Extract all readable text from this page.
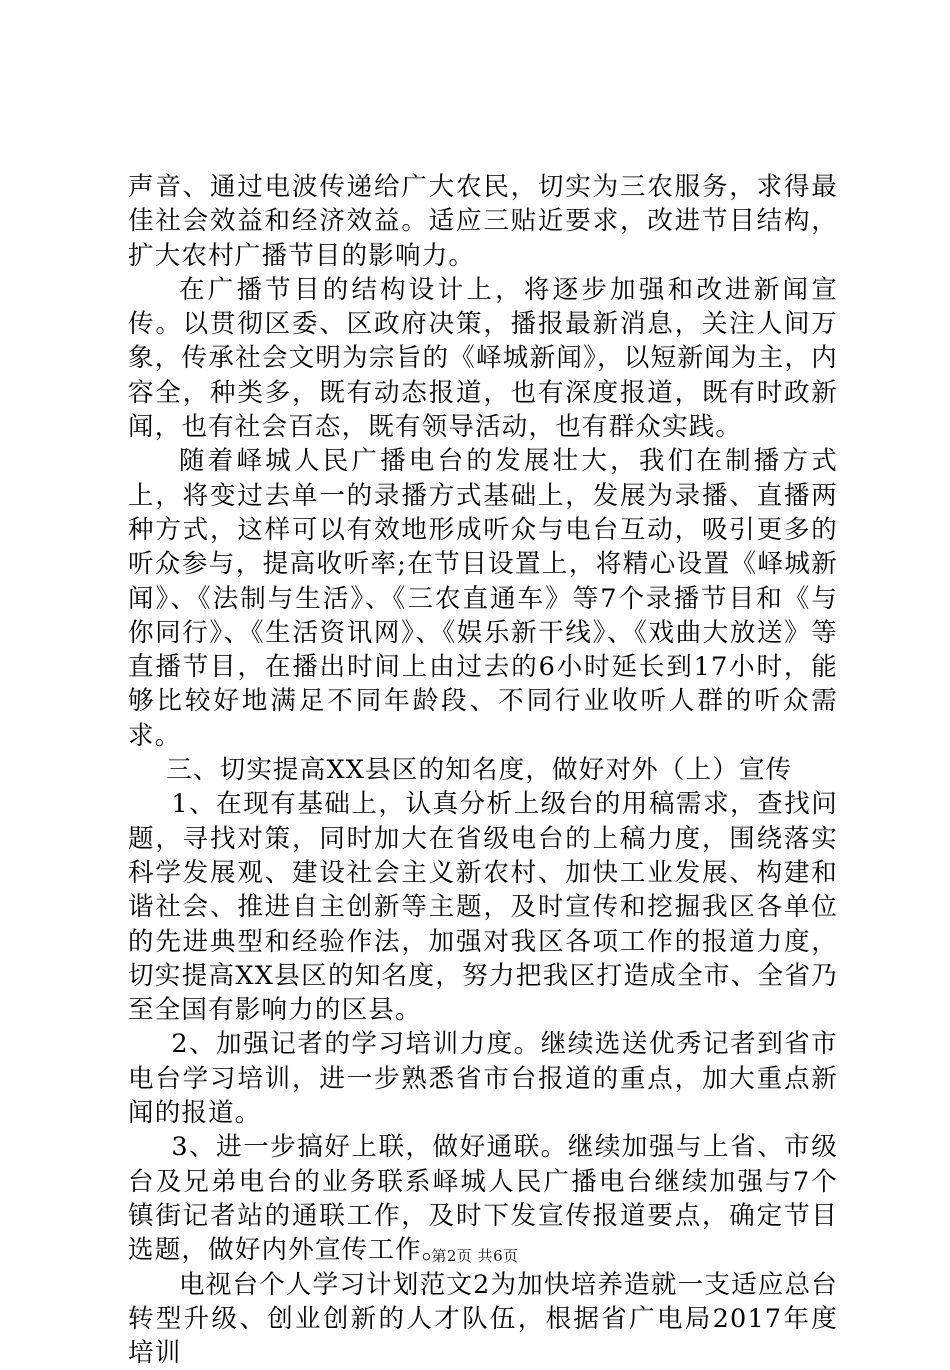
声音、通过电波传递给广大农民，切实为三农服务，求得最佳社会效益和经济效益。适应三贴近要求，改进节目结构，扩大农村广播节目的影响力。

在广播节目的结构设计上，将逐步加强和改进新闻宣传。以贯彻区委、区政府决策，播报最新消息，关注人间万象，传承社会文明为宗旨的《峄城新闻》，以短新闻为主，内容全，种类多，既有动态报道，也有深度报道，既有时政新闻，也有社会百态，既有领导活动，也有群众实践。

随着峄城人民广播电台的发展壮大，我们在制播方式上，将变过去单一的录播方式基础上，发展为录播、直播两种方式，这样可以有效地形成听众与电台互动，吸引更多的听众参与，提高收听率;在节目设置上，将精心设置《峄城新闻》、《法制与生活》、《三农直通车》等7个录播节目和《与你同行》、《生活资讯网》、《娱乐新干线》、《戏曲大放送》等直播节目，在播出时间上由过去的6小时延长到17小时，能够比较好地满足不同年龄段、不同行业收听人群的听众需求。

三、切实提高XX县区的知名度，做好对外（上）宣传

1、在现有基础上，认真分析上级台的用稿需求，查找问题，寻找对策，同时加大在省级电台的上稿力度，围绕落实科学发展观、建设社会主义新农村、加快工业发展、构建和谐社会、推进自主创新等主题，及时宣传和挖掘我区各单位的先进典型和经验作法，加强对我区各项工作的报道力度，切实提高XX县区的知名度，努力把我区打造成全市、全省乃至全国有影响力的区县。

2、加强记者的学习培训力度。继续选送优秀记者到省市电台学习培训，进一步熟悉省市台报道的重点，加大重点新闻的报道。

3、进一步搞好上联，做好通联。继续加强与上省、市级台及兄弟电台的业务联系峄城人民广播电台继续加强与7个镇街记者站的通联工作，及时下发宣传报道要点，确定节目选题，做好内外宣传工作。

电视台个人学习计划范文2为加快培养造就一支适应总台转型升级、创业创新的人才队伍，根据省广电局2017年度培训

第2页 共6页
